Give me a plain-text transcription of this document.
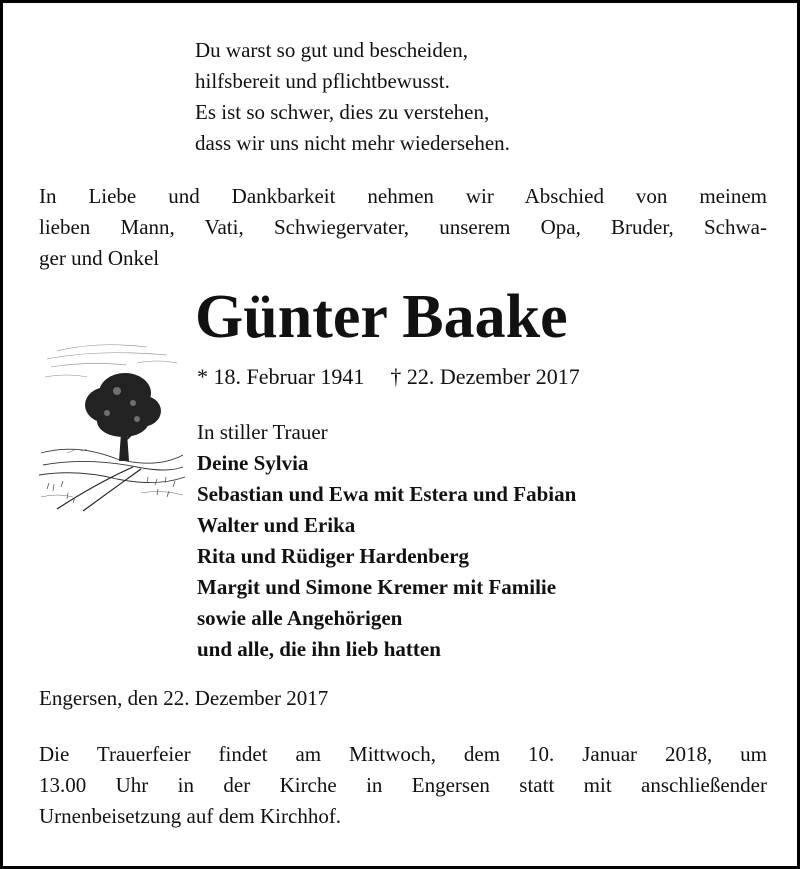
Du warst so gut und bescheiden,
hilfsbereit und pflichtbewusst.
Es ist so schwer, dies zu verstehen,
dass wir uns nicht mehr wiedersehen.
In Liebe und Dankbarkeit nehmen wir Abschied von meinem
lieben Mann, Vati, Schwiegervater, unserem Opa, Bruder, Schwa-
ger und Onkel
Günter Baake
* 18. Februar 1941 † 22. Dezember 2017
In stiller Trauer
Deine Sylvia
Sebastian und Ewa mit Estera und Fabian
Walter und Erika
Rita und Rüdiger Hardenberg
Margit und Simone Kremer mit Familie
sowie alle Angehörigen
und alle, die ihn lieb hatten
Engersen, den 22. Dezember 2017
Die Trauerfeier findet am Mittwoch, dem 10. Januar 2018, um
13.00 Uhr in der Kirche in Engersen statt mit anschließender
Urnenbeisetzung auf dem Kirchhof.
